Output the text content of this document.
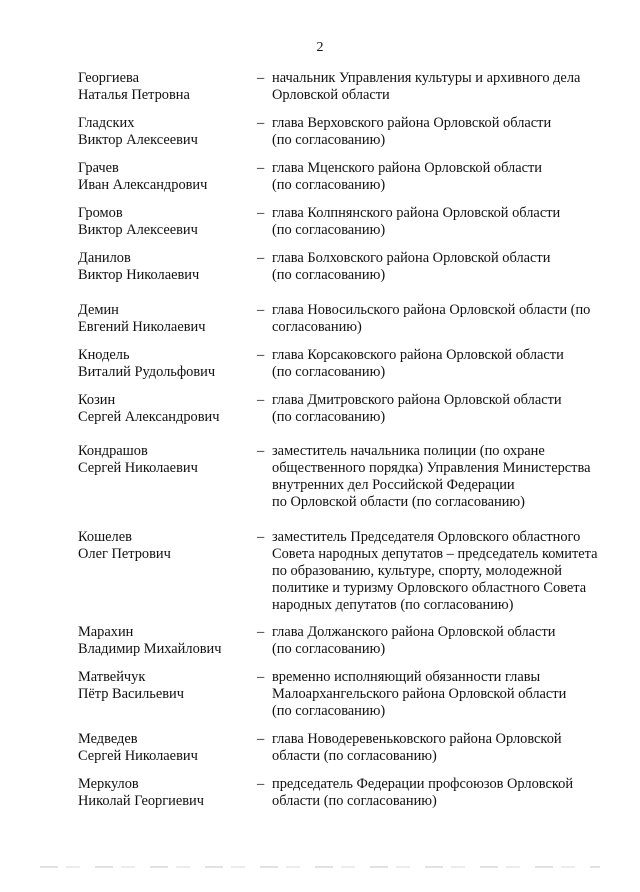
2
Георгиева
Наталья Петровна
– начальник Управления культуры и архивного дела
Орловской области
Гладских
Виктор Алексеевич
– глава Верховского района Орловской области
(по согласованию)
Грачев
Иван Александрович
– глава Мценского района Орловской области
(по согласованию)
Громов
Виктор Алексеевич
– глава Колпнянского района Орловской области
(по согласованию)
Данилов
Виктор Николаевич
– глава Болховского района Орловской области
(по согласованию)
Демин
Евгений Николаевич
– глава Новосильского района Орловской области (по
согласованию)
Кнодель
Виталий Рудольфович
– глава Корсаковского района Орловской области
(по согласованию)
Козин
Сергей Александрович
– глава Дмитровского района Орловской области
(по согласованию)
Кондрашов
Сергей Николаевич
– заместитель начальника полиции (по охране
общественного порядка) Управления Министерства
внутренних дел Российской Федерации
по Орловской области (по согласованию)
Кошелев
Олег Петрович
– заместитель Председателя Орловского областного
Совета народных депутатов – председатель комитета
по образованию, культуре, спорту, молодежной
политике и туризму Орловского областного Совета
народных депутатов (по согласованию)
Марахин
Владимир Михайлович
– глава Должанского района Орловской области
(по согласованию)
Матвейчук
Пётр Васильевич
– временно исполняющий обязанности главы
Малоархангельского района Орловской области
(по согласованию)
Медведев
Сергей Николаевич
– глава Новодеревеньковского района Орловской
области (по согласованию)
Меркулов
Николай Георгиевич
– председатель Федерации профсоюзов Орловской
области (по согласованию)
